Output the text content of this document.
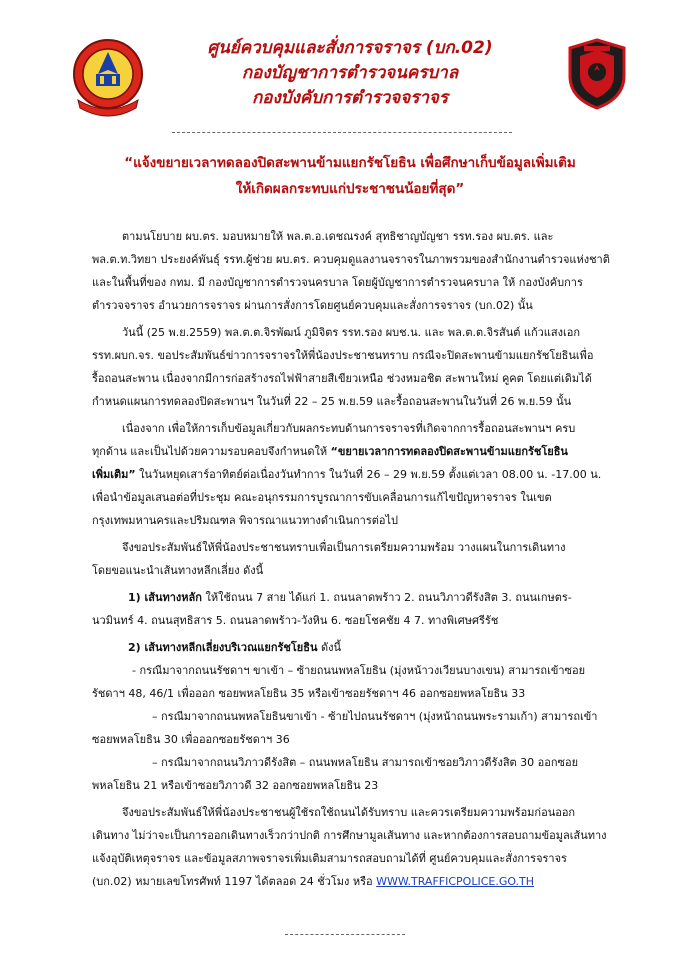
ศูนย์ควบคุมและสั่งการจราจร (บก.02)
กองบัญชาการตำรวจนครบาล
กองบังคับการตำรวจจราจร
“แจ้งขยายเวลาทดลองปิดสะพานข้ามแยกรัชโยธิน เพื่อศึกษาเก็บข้อมูลเพิ่มเติม
ให้เกิดผลกระทบแก่ประชาชนน้อยที่สุด”
ตามนโยบาย ผบ.ตร. มอบหมายให้ พล.ต.อ.เดชณรงค์ สุทธิชาญบัญชา รรท.รอง ผบ.ตร. และ
พล.ต.ท.วิทยา ประยงค์พันธุ์ รรท.ผู้ช่วย ผบ.ตร. ควบคุมดูแลงานจราจรในภาพรวมของสำนักงานตำรวจแห่งชาติ
และในพื้นที่ของ กทม. มี กองบัญชาการตำรวจนครบาล โดยผู้บัญชาการตำรวจนครบาล ให้ กองบังคับการ
ตำรวจจราจร อำนวยการจราจร ผ่านการสั่งการโดยศูนย์ควบคุมและสั่งการจราจร (บก.02) นั้น
วันนี้ (25 พ.ย.2559) พล.ต.ต.จิรพัฒน์ ภูมิจิตร รรท.รอง ผบช.น. และ พล.ต.ต.จิรสันต์ แก้วแสงเอก
รรท.ผบก.จร. ขอประสัมพันธ์ข่าวการจราจรให้พี่น้องประชาชนทราบ กรณีจะปิดสะพานข้ามแยกรัชโยธินเพื่อ
รื้อถอนสะพาน เนื่องจากมีการก่อสร้างรถไฟฟ้าสายสีเขียวเหนือ ช่วงหมอชิต สะพานใหม่ คูคต โดยแต่เดิมได้
กำหนดแผนการทดลองปิดสะพานฯ ในวันที่ 22 – 25 พ.ย.59 และรื้อถอนสะพานในวันที่ 26 พ.ย.59 นั้น
เนื่องจาก เพื่อให้การเก็บข้อมูลเกี่ยวกับผลกระทบด้านการจราจรที่เกิดจากการรื้อถอนสะพานฯ ครบ
ทุกด้าน และเป็นไปด้วยความรอบคอบจึงกำหนดให้ “ขยายเวลาการทดลองปิดสะพานข้ามแยกรัชโยธิน
เพิ่มเติม” ในวันหยุดเสาร์อาทิตย์ต่อเนื่องวันทำการ ในวันที่ 26 – 29 พ.ย.59 ตั้งแต่เวลา 08.00 น. -17.00 น.
เพื่อนำข้อมูลเสนอต่อที่ประชุม คณะอนุกรรมการบูรณาการขับเคลื่อนการแก้ไขปัญหาจราจร ในเขต
กรุงเทพมหานครและปริมณฑล พิจารณาแนวทางดำเนินการต่อไป
จึงขอประสัมพันธ์ให้พี่น้องประชาชนทราบเพื่อเป็นการเตรียมความพร้อม วางแผนในการเดินทาง
โดยขอแนะนำเส้นทางหลีกเลี่ยง ดังนี้
1) เส้นทางหลัก ให้ใช้ถนน 7 สาย ได้แก่ 1. ถนนลาดพร้าว 2. ถนนวิภาวดีรังสิต 3. ถนนเกษตร-
นวมินทร์ 4. ถนนสุทธิสาร 5. ถนนลาดพร้าว-วังหิน 6. ซอยโชคชัย 4 7. ทางพิเศษศรีรัช
2) เส้นทางหลีกเลี่ยงบริเวณแยกรัชโยธิน ดังนี้
- กรณีมาจากถนนรัชดาฯ ขาเข้า – ซ้ายถนนพหลโยธิน (มุ่งหน้าวงเวียนบางเขน) สามารถเข้าซอย
รัชดาฯ 48, 46/1 เพื่อออก ซอยพหลโยธิน 35 หรือเข้าซอยรัชดาฯ 46 ออกซอยพหลโยธิน 33
– กรณีมาจากถนนพหลโยธินขาเข้า - ซ้ายไปถนนรัชดาฯ (มุ่งหน้าถนนพระรามเก้า) สามารถเข้า
ซอยพหลโยธิน 30 เพื่อออกซอยรัชดาฯ 36
– กรณีมาจากถนนวิภาวดีรังสิต – ถนนพหลโยธิน สามารถเข้าซอยวิภาวดีรังสิต 30 ออกซอย
พหลโยธิน 21 หรือเข้าซอยวิภาวดี 32 ออกซอยพหลโยธิน 23
จึงขอประสัมพันธ์ให้พี่น้องประชาชนผู้ใช้รถใช้ถนนได้รับทราบ และควรเตรียมความพร้อมก่อนออก
เดินทาง ไม่ว่าจะเป็นการออกเดินทางเร็วกว่าปกติ การศึกษามูลเส้นทาง และหากต้องการสอบถามข้อมูลเส้นทาง
แจ้งอุบัติเหตุจราจร และข้อมูลสภาพจราจรเพิ่มเติมสามารถสอบถามได้ที่ ศูนย์ควบคุมและสั่งการจราจร
(บก.02) หมายเลขโทรศัพท์ 1197 ได้ตลอด 24 ชั่วโมง หรือ WWW.TRAFFICPOLICE.GO.TH
